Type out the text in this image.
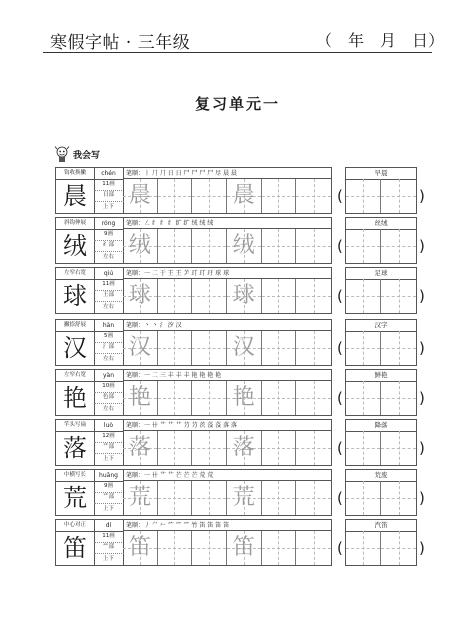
寒假字帖 · 三年级	（ 年 月 日）
复习单元一
我会写
钩收换撇
晨
chén
11画
日部
上下
笔顺：丨 ⺆ ⺆ 日 日 尸 尸 尸 尸 尽 晨 晨
晨	晨	(
早晨
)
斜钩伸展
绒
róng
9画
纟部
左右
笔顺：㇜ 纟 纟 纟 纩 纩 绒 绒 绒
绒	绒	(
丝绒
)
左窄右宽
球
qiú
11画
王部
左右
笔顺：一 二 于 王 王 ⺶ 玎 玎 玗 球 球
球	球	(
足球
)
撇捺舒展
汉
hàn
5画
氵部
左右
笔顺：丶 丶 氵 汐 汉
汉	汉	(
汉字
)
左窄右宽
艳
yàn
10画
色部
左右
笔顺：一 二 三 丰 丰 丰 艳 艳 艳 艳
艳	艳	(
鲜艳
)
竿头写扁
落
luò
12画
艹部
上下
笔顺：一 卄 艹 艹 艹 芀 芀 茨 莈 莈 落 落
落	落	(
降落
)
中横写长
荒
huāng
9画
艹部
上下
笔顺：一 卄 艹 艹 芒 芒 芒 荒 荒
荒	荒	(
荒废
)
中心对正
笛
dí
11画
⺮部
上下
笔顺：丿 ⺈ 𠂉 ⺮ ⺮ ⺮ 竹 笛 笛 笛 笛
笛	笛	(
汽笛
)
